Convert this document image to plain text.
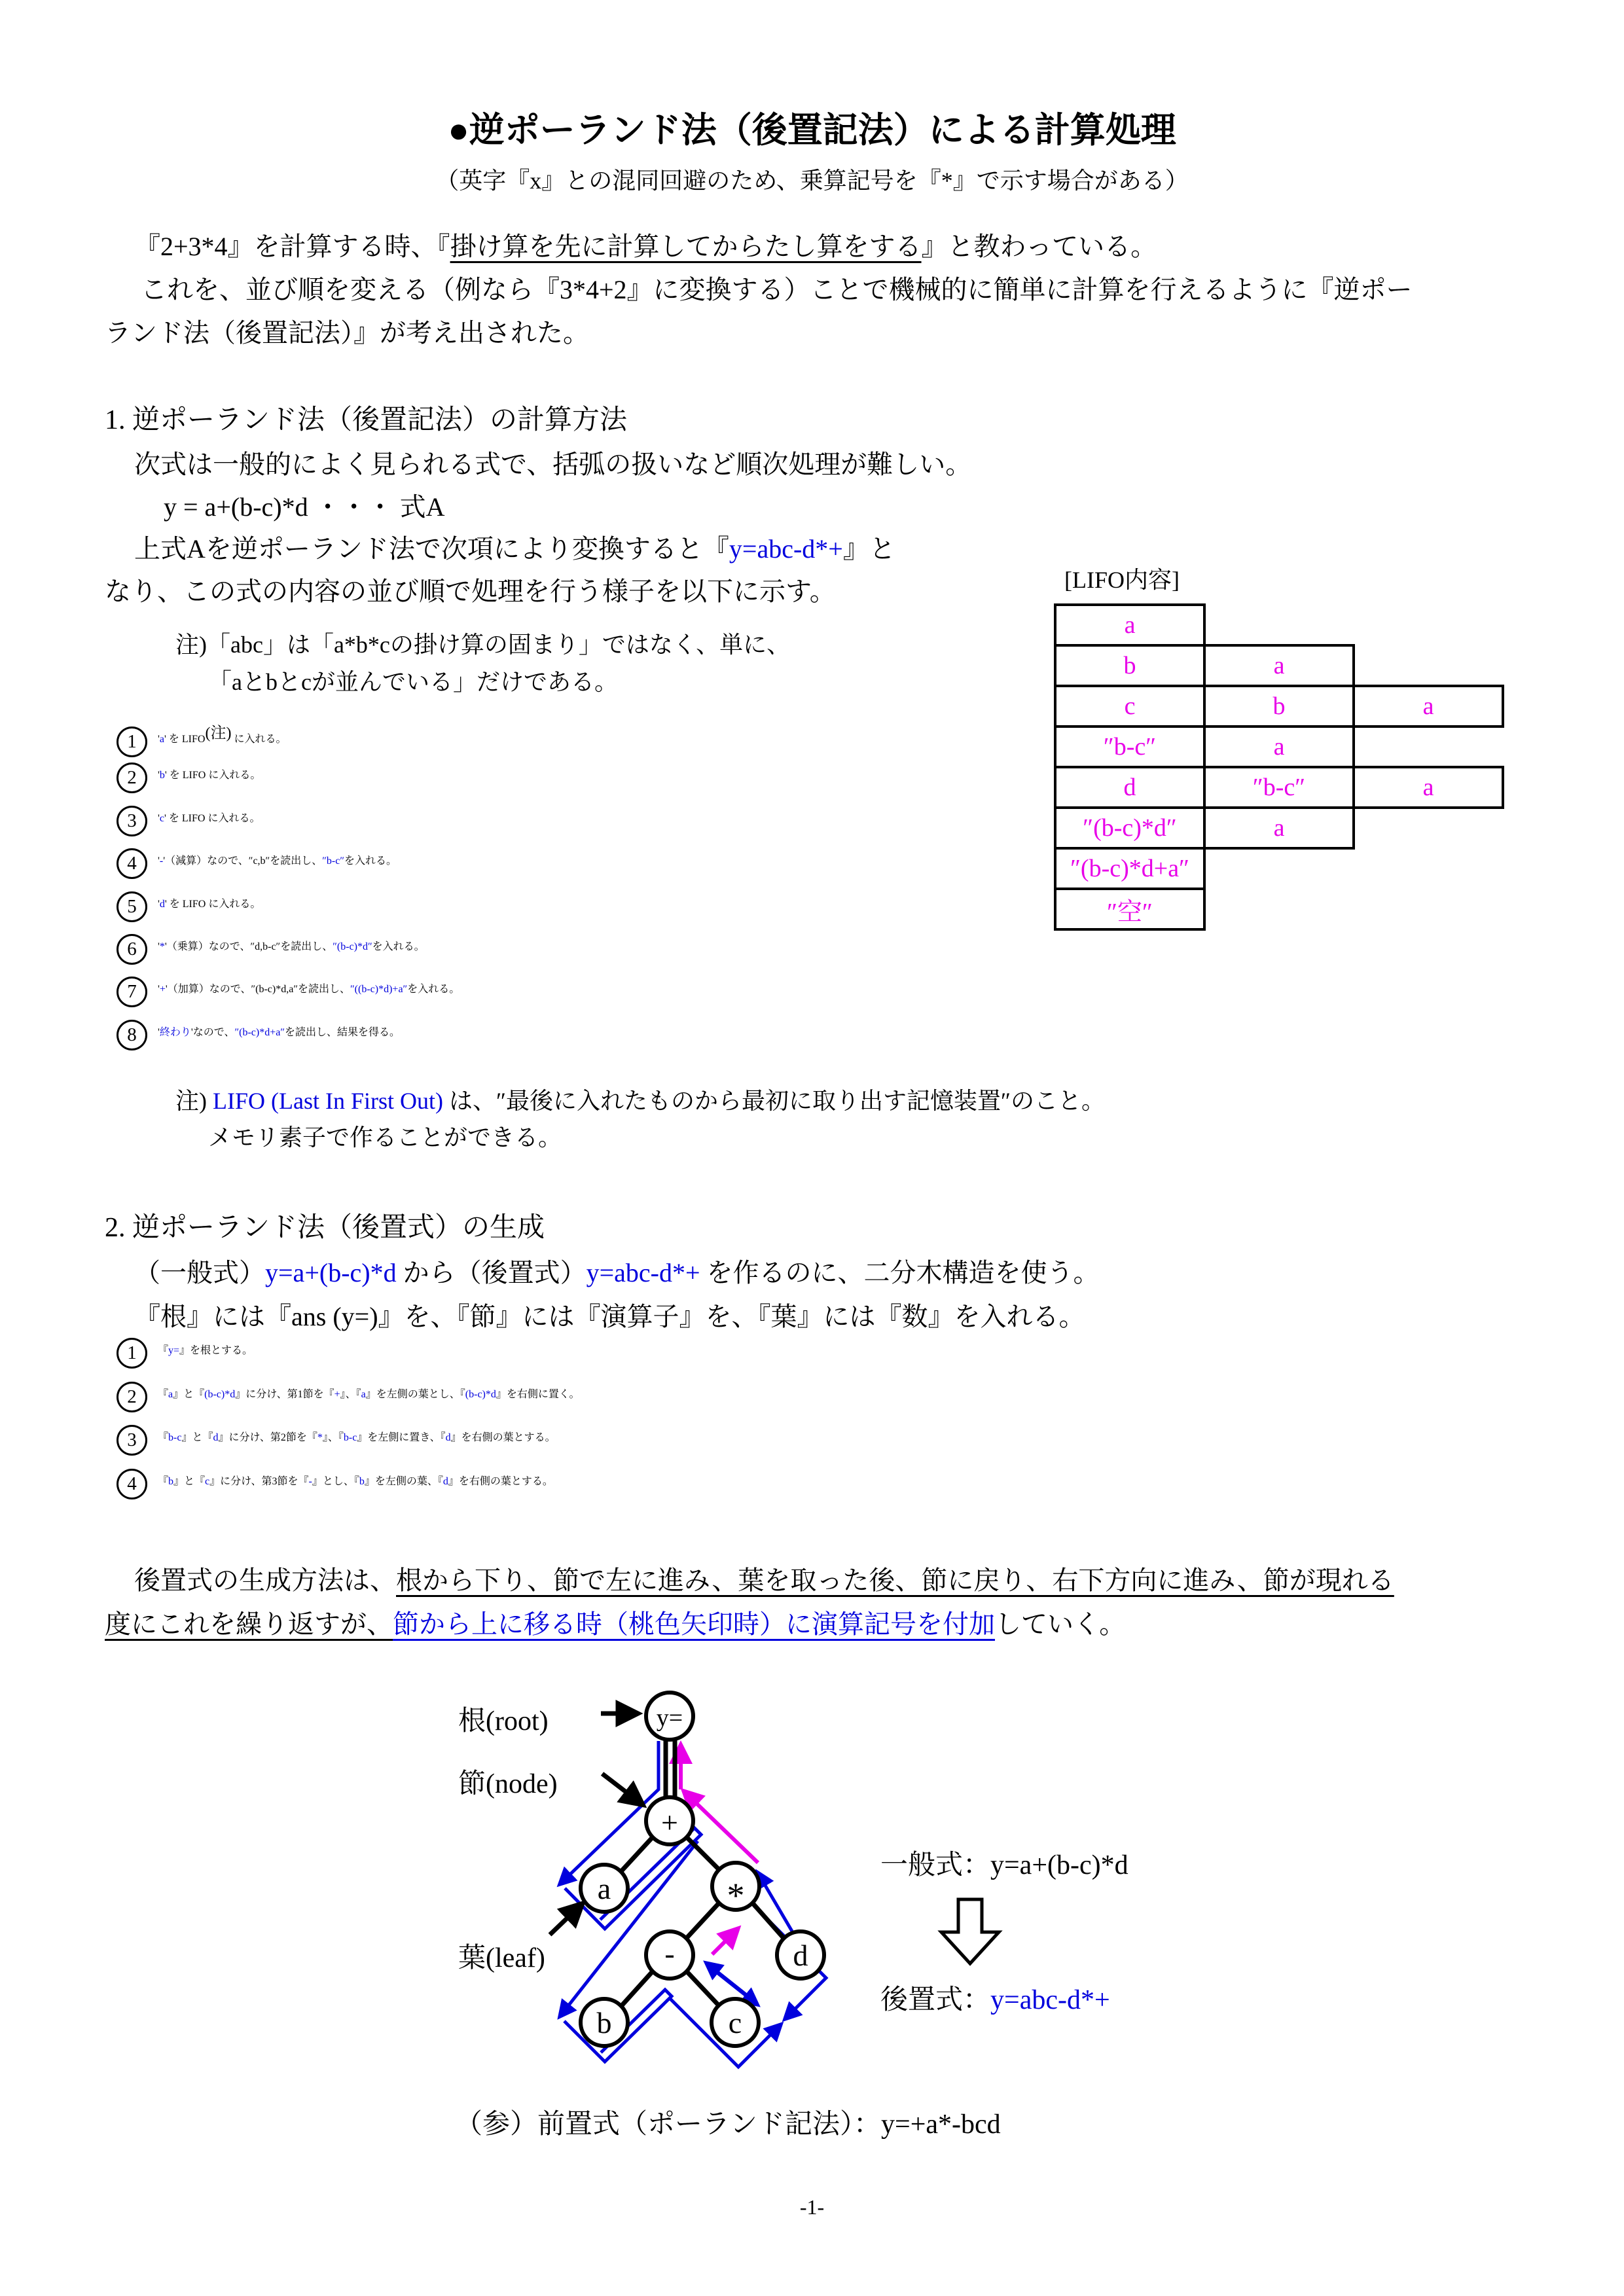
●逆ポーランド法（後置記法）による計算処理
（英字『x』との混同回避のため、乗算記号を『*』で示す場合がある）
『2+3*4』を計算する時、『掛け算を先に計算してからたし算をする』と教わっている。
これを、並び順を変える（例なら『3*4+2』に変換する）ことで機械的に簡単に計算を行えるように『逆ポー
ランド法（後置記法）』が考え出された。
1. 逆ポーランド法（後置記法）の計算方法
次式は一般的によく見られる式で、括弧の扱いなど順次処理が難しい。
y = a+(b-c)*d ・・・ 式A
上式Aを逆ポーランド法で次項により変換すると『y=abc-d*+』と
なり、この式の内容の並び順で処理を行う様子を以下に示す。
注)「abc」は「a*b*cの掛け算の固まり」ではなく、単に、
「aとbとcが並んでいる」だけである。
1 'a' を $LIFO^{(注)}$ に入れる。
2 'b' を LIFO に入れる。
3 'c' を LIFO に入れる。
4 '-'（減算）なので、″c,b″を読出し、″b-c″を入れる。
5 'd' を LIFO に入れる。
6 '*'（乗算）なので、″d,b-c″を読出し、″(b-c)*d″を入れる。
7 '+'（加算）なので、″(b-c)*d,a″を読出し、″((b-c)*d)+a″を入れる。
8 '終わり'なので、″(b-c)*d+a″を読出し、結果を得る。
注) LIFO (Last In First Out) は、″最後に入れたものから最初に取り出す記憶装置″のこと。
メモリ素子で作ることができる。
[LIFO内容]
a		
b	a	
c	b	a
″b-c″	a	
d	″b-c″	a
″(b-c)*d″	a	
″(b-c)*d+a″		
″空″		
2. 逆ポーランド法（後置式）の生成
（一般式）y=a+(b-c)*d から（後置式）y=abc-d*+ を作るのに、二分木構造を使う。
『根』には『ans (y=)』を、『節』には『演算子』を、『葉』には『数』を入れる。
1 『y=』を根とする。
2 『a』と『(b-c)*d』に分け、第1節を『+』、『a』を左側の葉とし、『(b-c)*d』を右側に置く。
3 『b-c』と『d』に分け、第2節を『*』、『b-c』を左側に置き、『d』を右側の葉とする。
4 『b』と『c』に分け、第3節を『-』とし、『b』を左側の葉、『d』を右側の葉とする。
後置式の生成方法は、根から下り、節で左に進み、葉を取った後、節に戻り、右下方向に進み、節が現れる
度にこれを繰り返すが、節から上に移る時（桃色矢印時）に演算記号を付加していく。
y=
+
a	*
-	d
b	c
根(root)
節(node)
葉(leaf)
一般式：y=a+(b-c)*d
後置式：y=abc-d*+
（参）前置式（ポーランド記法）：y=+a*-bcd
-1-
